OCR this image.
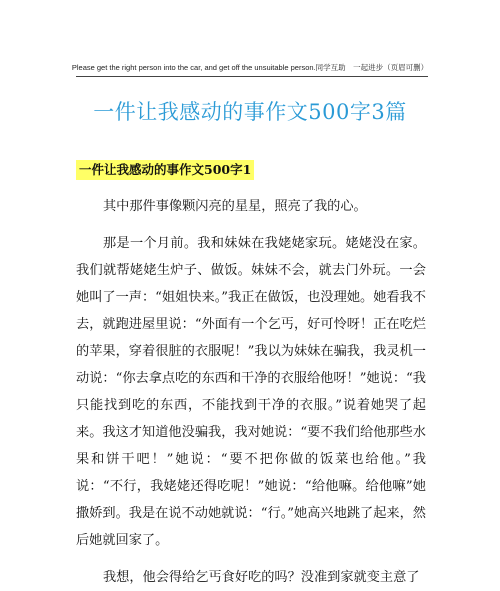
Please get the right person into the car, and get off the unsuitable person.同学互助　一起进步（页眉可删）
一件让我感动的事作文500字3篇
一件让我感动的事作文500字1

其中那件事像颗闪亮的星星，照亮了我的心。

那是一个月前。我和妹妹在我姥姥家玩。姥姥没在家。我们就帮姥姥生炉子、做饭。妹妹不会，就去门外玩。一会她叫了一声：“姐姐快来。”我正在做饭，也没理她。她看我不去，就跑进屋里说：“外面有一个乞丐，好可怜呀！正在吃烂的苹果，穿着很脏的衣服呢！”我以为妹妹在骗我，我灵机一动说：“你去拿点吃的东西和干净的衣服给他呀！”她说：“我只能找到吃的东西，不能找到干净的衣服。”说着她哭了起来。我这才知道他没骗我，我对她说：“要不我们给他那些水果和饼干吧！”她说：“要不把你做的饭菜也给他。”我说：“不行，我姥姥还得吃呢！”她说：“给他嘛。给他嘛”她撒娇到。我是在说不动她就说：“行。”她高兴地跳了起来，然后她就回家了。

我想，他会得给乞丐食好吃的吗？没准到家就变主意了
